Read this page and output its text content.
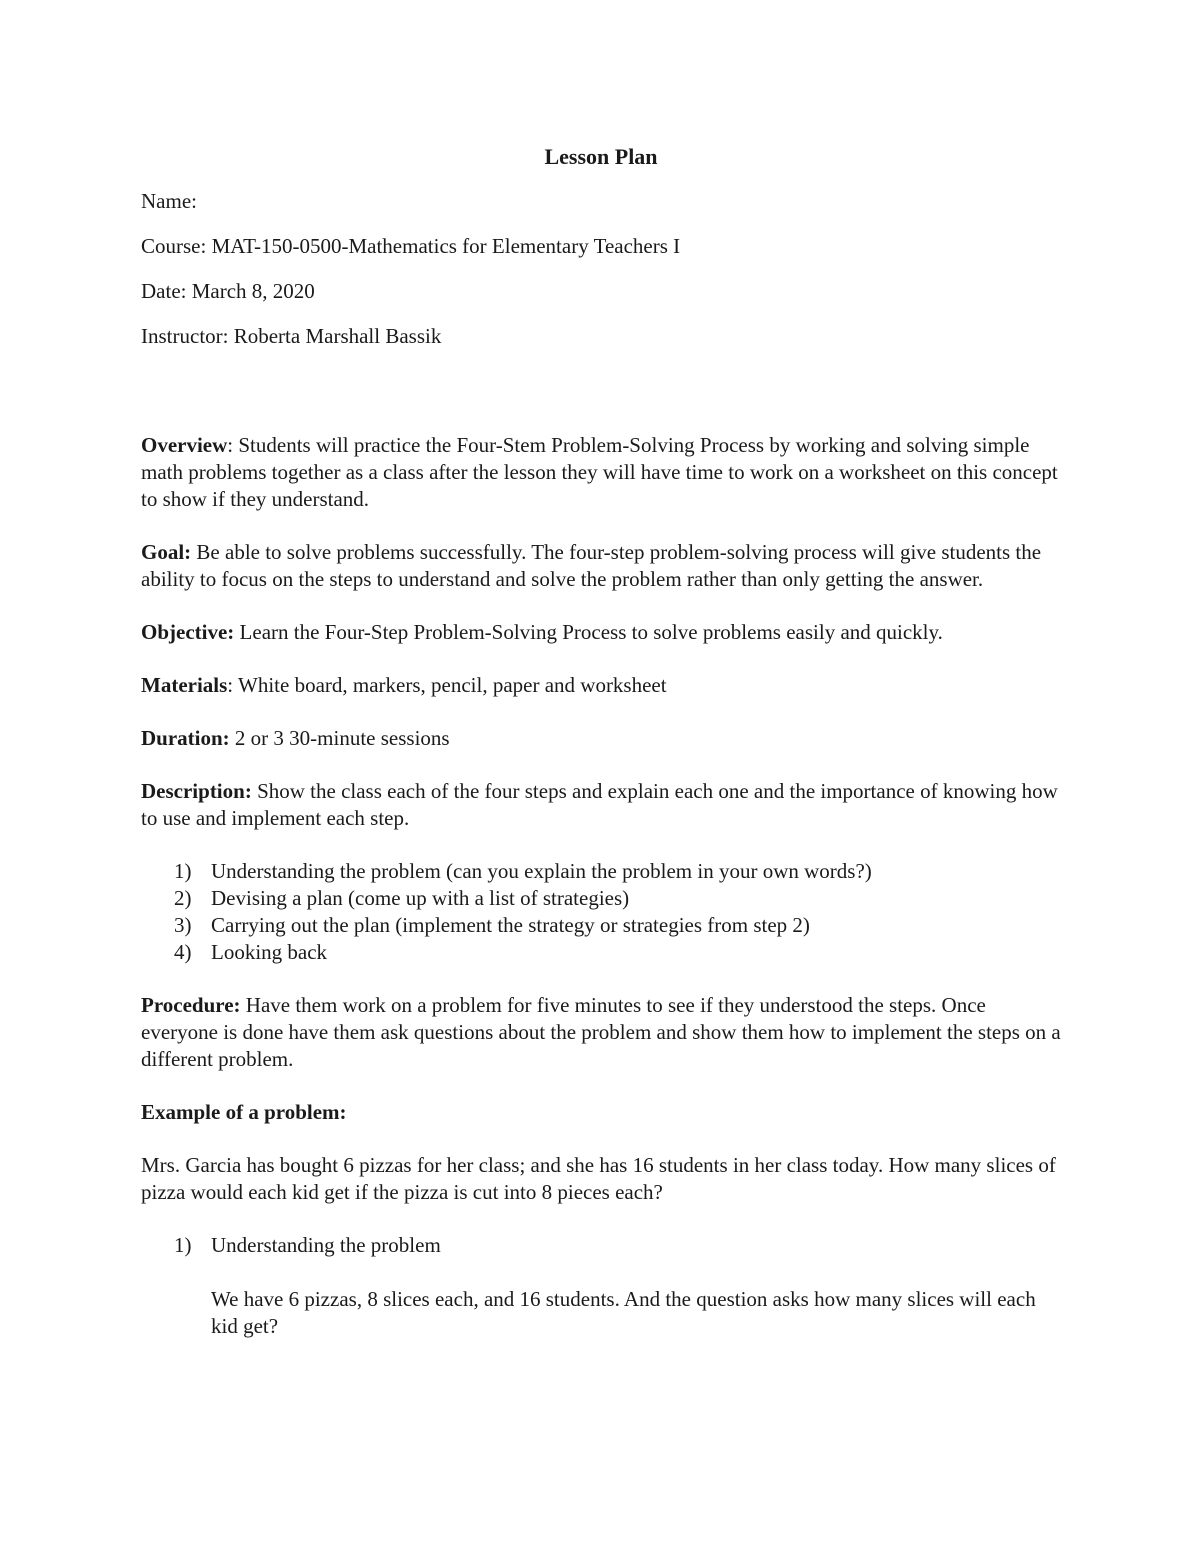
Lesson Plan
Name:
Course: MAT-150-0500-Mathematics for Elementary Teachers I
Date: March 8, 2020
Instructor: Roberta Marshall Bassik
Overview: Students will practice the Four-Stem Problem-Solving Process by working and solving simple math problems together as a class after the lesson they will have time to work on a worksheet on this concept to show if they understand.
Goal: Be able to solve problems successfully. The four-step problem-solving process will give students the ability to focus on the steps to understand and solve the problem rather than only getting the answer.
Objective: Learn the Four-Step Problem-Solving Process to solve problems easily and quickly.
Materials: White board, markers, pencil, paper and worksheet
Duration: 2 or 3 30-minute sessions
Description: Show the class each of the four steps and explain each one and the importance of knowing how to use and implement each step.
1) Understanding the problem (can you explain the problem in your own words?)
2) Devising a plan (come up with a list of strategies)
3) Carrying out the plan (implement the strategy or strategies from step 2)
4) Looking back
Procedure: Have them work on a problem for five minutes to see if they understood the steps. Once everyone is done have them ask questions about the problem and show them how to implement the steps on a different problem.
Example of a problem:
Mrs. Garcia has bought 6 pizzas for her class; and she has 16 students in her class today. How many slices of pizza would each kid get if the pizza is cut into 8 pieces each?
1) Understanding the problem
We have 6 pizzas, 8 slices each, and 16 students. And the question asks how many slices will each kid get?
